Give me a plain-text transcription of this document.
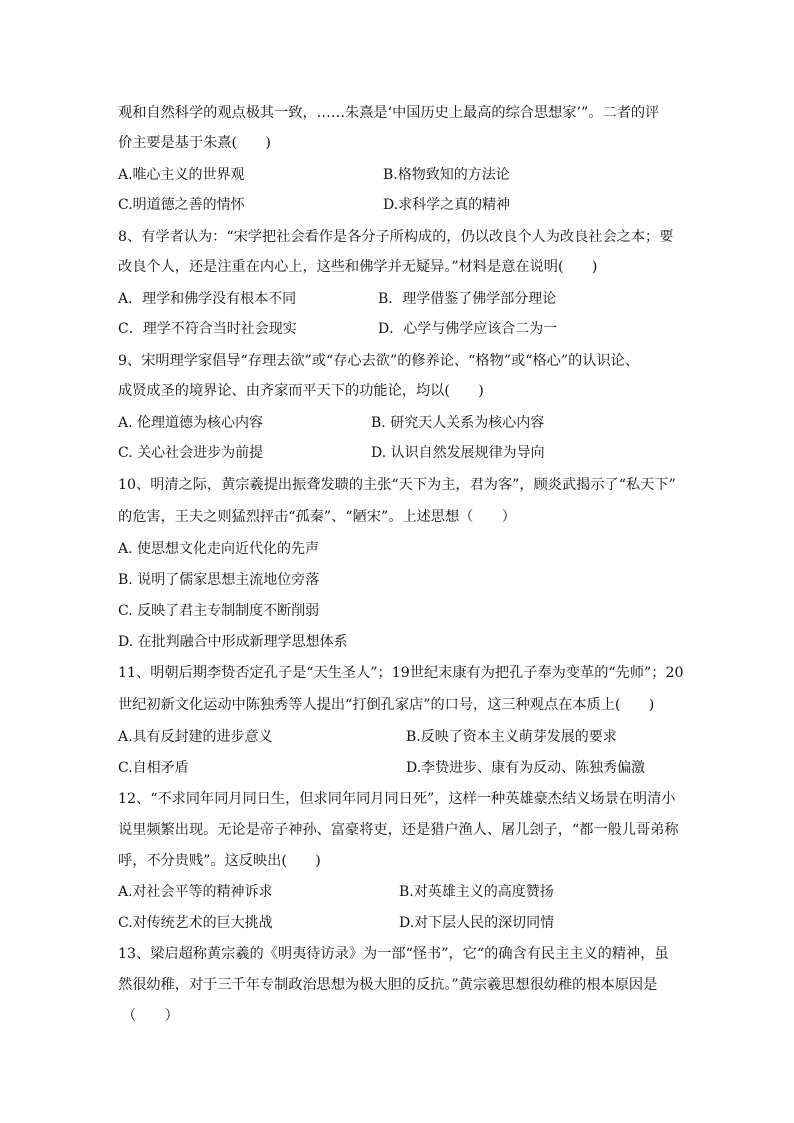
观和自然科学的观点极其一致，……朱熹是‘中国历史上最高的综合思想家’”。二者的评
价主要是基于朱熹(　　)
A.唯心主义的世界观	B.格物致知的方法论
C.明道德之善的情怀	D.求科学之真的精神
8、有学者认为：“宋学把社会看作是各分子所构成的，仍以改良个人为改良社会之本；要
改良个人，还是注重在内心上，这些和佛学并无疑异。”材料是意在说明(　　)
A．理学和佛学没有根本不同	B．理学借鉴了佛学部分理论
C．理学不符合当时社会现实	D．心学与佛学应该合二为一
9、宋明理学家倡导“存理去欲”或“存心去欲”的修养论、“格物”或“格心”的认识论、
成贤成圣的境界论、由齐家而平天下的功能论，均以(　　)
A. 伦理道德为核心内容	B. 研究天人关系为核心内容
C. 关心社会进步为前提	D. 认识自然发展规律为导向
10、明清之际，黄宗羲提出振聋发聩的主张“天下为主，君为客”，顾炎武揭示了“私天下”
的危害，王夫之则猛烈抨击“孤秦”、“陋宋”。上述思想（　　）
A. 使思想文化走向近代化的先声
B. 说明了儒家思想主流地位旁落
C. 反映了君主专制制度不断削弱
D. 在批判融合中形成新理学思想体系
11、明朝后期李贽否定孔子是“天生圣人”；19世纪末康有为把孔子奉为变革的“先师”；20
世纪初新文化运动中陈独秀等人提出“打倒孔家店”的口号，这三种观点在本质上(　　)
A.具有反封建的进步意义	B.反映了资本主义萌芽发展的要求
C.自相矛盾	D.李贽进步、康有为反动、陈独秀偏激
12、“不求同年同月同日生，但求同年同月同日死”，这样一种英雄豪杰结义场景在明清小
说里频繁出现。无论是帝子神孙、富豪将吏，还是猎户渔人、屠儿刽子，“都一般儿哥弟称
呼，不分贵贱”。这反映出(　　)
A.对社会平等的精神诉求	B.对英雄主义的高度赞扬
C.对传统艺术的巨大挑战	D.对下层人民的深切同情
13、梁启超称黄宗羲的《明夷待访录》为一部“怪书”，它“的确含有民主主义的精神，虽
然很幼稚，对于三千年专制政治思想为极大胆的反抗。”黄宗羲思想很幼稚的根本原因是
（　　）
